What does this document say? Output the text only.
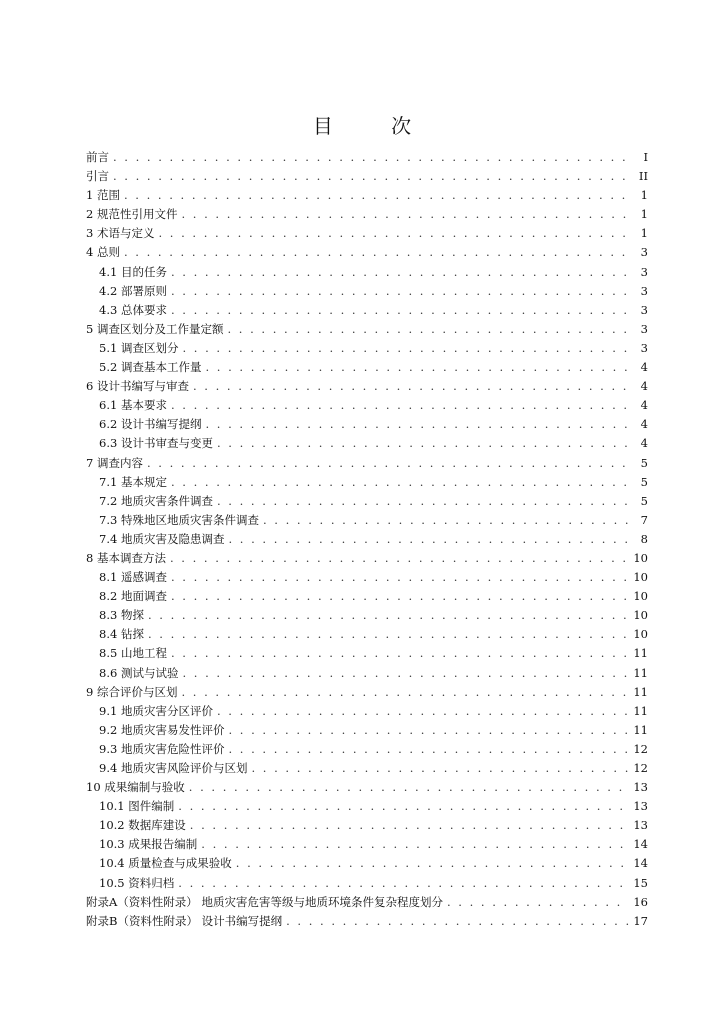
目 次
前言 . . .	I
引言 . . .	II
1 范围 . . .	1
2 规范性引用文件 . . .	1
3 术语与定义 . . .	1
4 总则 . . .	3
4.1 目的任务 . . .	3
4.2 部署原则 . . .	3
4.3 总体要求 . . .	3
5 调查区划分及工作量定额 . . .	3
5.1 调查区划分 . . .	3
5.2 调查基本工作量 . . .	4
6 设计书编写与审查 . . .	4
6.1 基本要求 . . .	4
6.2 设计书编写提纲 . . .	4
6.3 设计书审查与变更 . . .	4
7 调查内容 . . .	5
7.1 基本规定 . . .	5
7.2 地质灾害条件调查 . . .	5
7.3 特殊地区地质灾害条件调查 . . .	7
7.4 地质灾害及隐患调查 . . .	8
8 基本调查方法 . . .	10
8.1 遥感调查 . . .	10
8.2 地面调查 . . .	10
8.3 物探 . . .	10
8.4 钻探 . . .	10
8.5 山地工程 . . .	11
8.6 测试与试验 . . .	11
9 综合评价与区划 . . .	11
9.1 地质灾害分区评价 . . .	11
9.2 地质灾害易发性评价 . . .	11
9.3 地质灾害危险性评价 . . .	12
9.4 地质灾害风险评价与区划 . . .	12
10 成果编制与验收 . . .	13
10.1 图件编制 . . .	13
10.2 数据库建设 . . .	13
10.3 成果报告编制 . . .	14
10.4 质量检查与成果验收 . . .	14
10.5 资料归档 . . .	15
附录A（资料性附录） 地质灾害危害等级与地质环境条件复杂程度划分 . . .	16
附录B（资料性附录） 设计书编写提纲 . . .	17
